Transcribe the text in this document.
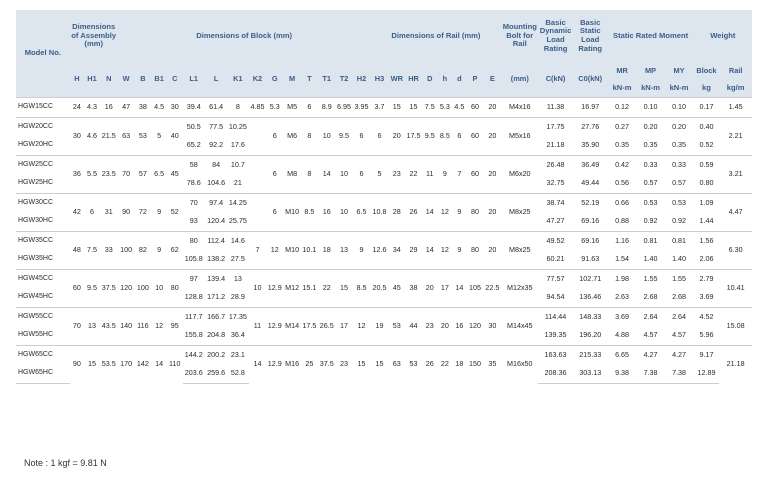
Model No.	Dimensions of Assembly (mm)			Dimensions of Block (mm)														Dimensions of Rail (mm)								Mounting Bolt for Rail	Basic Dynamic Load Rating	Basic Static Load Rating	Static Rated Moment			Weight	
	H	H1	N	W	B	B1	C	L1	L	K1	K2	G	M	T	T1	T2	H2	H3	WR	HR	D	h	d	P	E	(mm)	C(kN)	C0(kN)	MR	MP	MY	Block	Rail
																													kN-m	kN-m	kN-m	kg	kg/m
HGW15CC	24	4.3	16	47	38	4.5	30	39.4	61.4	8	4.85	5.3	M5	6	8.9	6.95	3.95	3.7	15	15	7.5	5.3	4.5	60	20	M4x16	11.38	16.97	0.12	0.10	0.10	0.17	1.45
HGW20CC	30	4.6	21.5	63	53	5	40	50.5	77.5	10.25		6	M6	8	10	9.5	6	6	20	17.5	9.5	8.5	6	60	20	M5x16	17.75	27.76	0.27	0.20	0.20	0.40	2.21
HGW20HC								65.2	92.2	17.6																	21.18	35.90	0.35	0.35	0.35	0.52	
HGW25CC	36	5.5	23.5	70	57	6.5	45	58	84	10.7		6	M8	8	14	10	6	5	23	22	11	9	7	60	20	M6x20	26.48	36.49	0.42	0.33	0.33	0.59	3.21
HGW25HC								78.6	104.6	21																	32.75	49.44	0.56	0.57	0.57	0.80	
HGW30CC	42	6	31	90	72	9	52	70	97.4	14.25		6	M10	8.5	16	10	6.5	10.8	28	26	14	12	9	80	20	M8x25	38.74	52.19	0.66	0.53	0.53	1.09	4.47
HGW30HC								93	120.4	25.75																	47.27	69.16	0.88	0.92	0.92	1.44	
HGW35CC	48	7.5	33	100	82	9	62	80	112.4	14.6	7	12	M10	10.1	18	13	9	12.6	34	29	14	12	9	80	20	M8x25	49.52	69.16	1.16	0.81	0.81	1.56	6.30
HGW35HC								105.8	138.2	27.5																	60.21	91.63	1.54	1.40	1.40	2.06	
HGW45CC	60	9.5	37.5	120	100	10	80	97	139.4	13	10	12.9	M12	15.1	22	15	8.5	20.5	45	38	20	17	14	105	22.5	M12x35	77.57	102.71	1.98	1.55	1.55	2.79	10.41
HGW45HC								128.8	171.2	28.9																	94.54	136.46	2.63	2.68	2.68	3.69	
HGW55CC	70	13	43.5	140	116	12	95	117.7	166.7	17.35	11	12.9	M14	17.5	26.5	17	12	19	53	44	23	20	16	120	30	M14x45	114.44	148.33	3.69	2.64	2.64	4.52	15.08
HGW55HC								155.8	204.8	36.4																	139.35	196.20	4.88	4.57	4.57	5.96	
HGW65CC	90	15	53.5	170	142	14	110	144.2	200.2	23.1	14	12.9	M16	25	37.5	23	15	15	63	53	26	22	18	150	35	M16x50	163.63	215.33	6.65	4.27	4.27	9.17	21.18
HGW65HC								203.6	259.6	52.8																	208.36	303.13	9.38	7.38	7.38	12.89	
Note : 1 kgf = 9.81 N
